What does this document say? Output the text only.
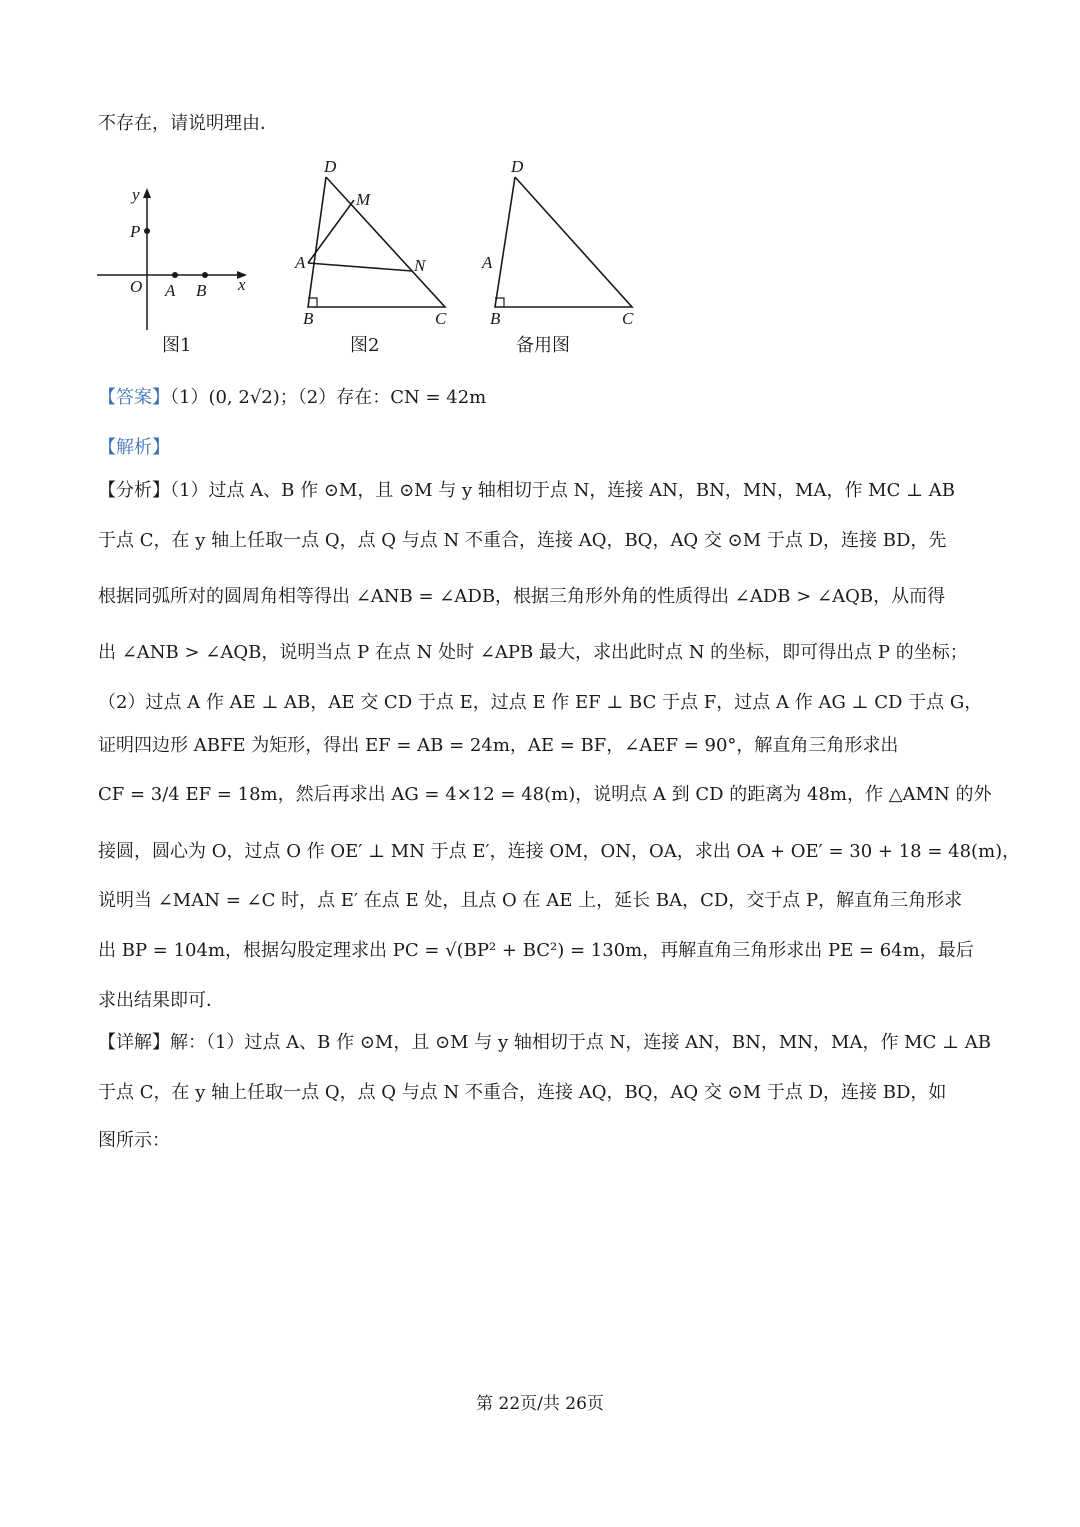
不存在，请说明理由．
y
P
O A B x
图1
D
M
A	N
B	C
图2
D
A
B	C
备用图
【答案】（1）(0, 2√2)；（2）存在：CN = 42m
【解析】
【分析】（1）过点 A、B 作 ⊙M，且 ⊙M 与 y 轴相切于点 N，连接 AN，BN，MN，MA，作 MC ⊥ AB
于点 C，在 y 轴上任取一点 Q，点 Q 与点 N 不重合，连接 AQ，BQ，AQ 交 ⊙M 于点 D，连接 BD，先
根据同弧所对的圆周角相等得出 ∠ANB = ∠ADB，根据三角形外角的性质得出 ∠ADB > ∠AQB，从而得
出 ∠ANB > ∠AQB，说明当点 P 在点 N 处时 ∠APB 最大，求出此时点 N 的坐标，即可得出点 P 的坐标；
（2）过点 A 作 AE ⊥ AB，AE 交 CD 于点 E，过点 E 作 EF ⊥ BC 于点 F，过点 A 作 AG ⊥ CD 于点 G，
证明四边形 ABFE 为矩形，得出 EF = AB = 24m，AE = BF，∠AEF = 90°，解直角三角形求出
CF = 3/4 EF = 18m，然后再求出 AG = 4×12 = 48(m)，说明点 A 到 CD 的距离为 48m，作 △AMN 的外
接圆，圆心为 O，过点 O 作 OE′ ⊥ MN 于点 E′，连接 OM，ON，OA，求出 OA + OE′ = 30 + 18 = 48(m)，
说明当 ∠MAN = ∠C 时，点 E′ 在点 E 处，且点 O 在 AE 上，延长 BA，CD，交于点 P，解直角三角形求
出 BP = 104m，根据勾股定理求出 PC = √(BP² + BC²) = 130m，再解直角三角形求出 PE = 64m，最后
求出结果即可．
【详解】解：（1）过点 A、B 作 ⊙M，且 ⊙M 与 y 轴相切于点 N，连接 AN，BN，MN，MA，作 MC ⊥ AB
于点 C，在 y 轴上任取一点 Q，点 Q 与点 N 不重合，连接 AQ，BQ，AQ 交 ⊙M 于点 D，连接 BD，如
图所示：
第 22页/共 26页
